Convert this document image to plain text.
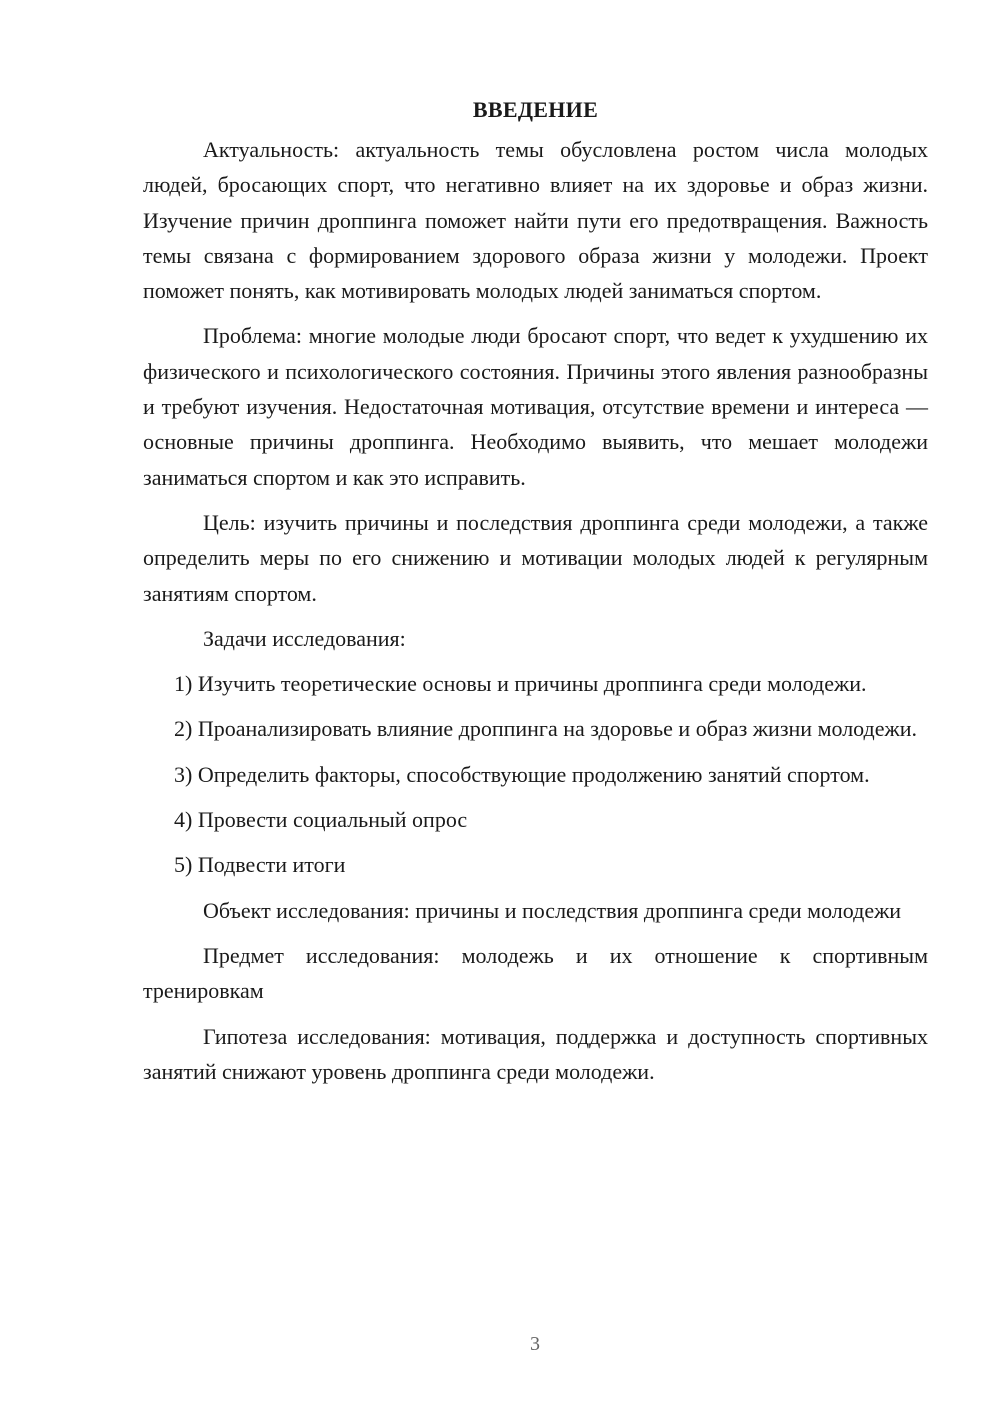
ВВЕДЕНИЕ

Актуальность: актуальность темы обусловлена ростом числа молодых людей, бросающих спорт, что негативно влияет на их здоровье и образ жизни. Изучение причин дроппинга поможет найти пути его предотвращения. Важность темы связана с формированием здорового образа жизни у молодежи. Проект поможет понять, как мотивировать молодых людей заниматься спортом.

Проблема: многие молодые люди бросают спорт, что ведет к ухудшению их физического и психологического состояния. Причины этого явления разнообразны и требуют изучения. Недостаточная мотивация, отсутствие времени и интереса — основные причины дроппинга. Необходимо выявить, что мешает молодежи заниматься спортом и как это исправить.

Цель: изучить причины и последствия дроппинга среди молодежи, а также определить меры по его снижению и мотивации молодых людей к регулярным занятиям спортом.

Задачи исследования:

1) Изучить теоретические основы и причины дроппинга среди молодежи.

2) Проанализировать влияние дроппинга на здоровье и образ жизни молодежи.

3) Определить факторы, способствующие продолжению занятий спортом.

4) Провести социальный опрос

5) Подвести итоги

Объект исследования: причины и последствия дроппинга среди молодежи

Предмет исследования: молодежь и их отношение к спортивным тренировкам

Гипотеза исследования: мотивация, поддержка и доступность спортивных занятий снижают уровень дроппинга среди молодежи.

3
